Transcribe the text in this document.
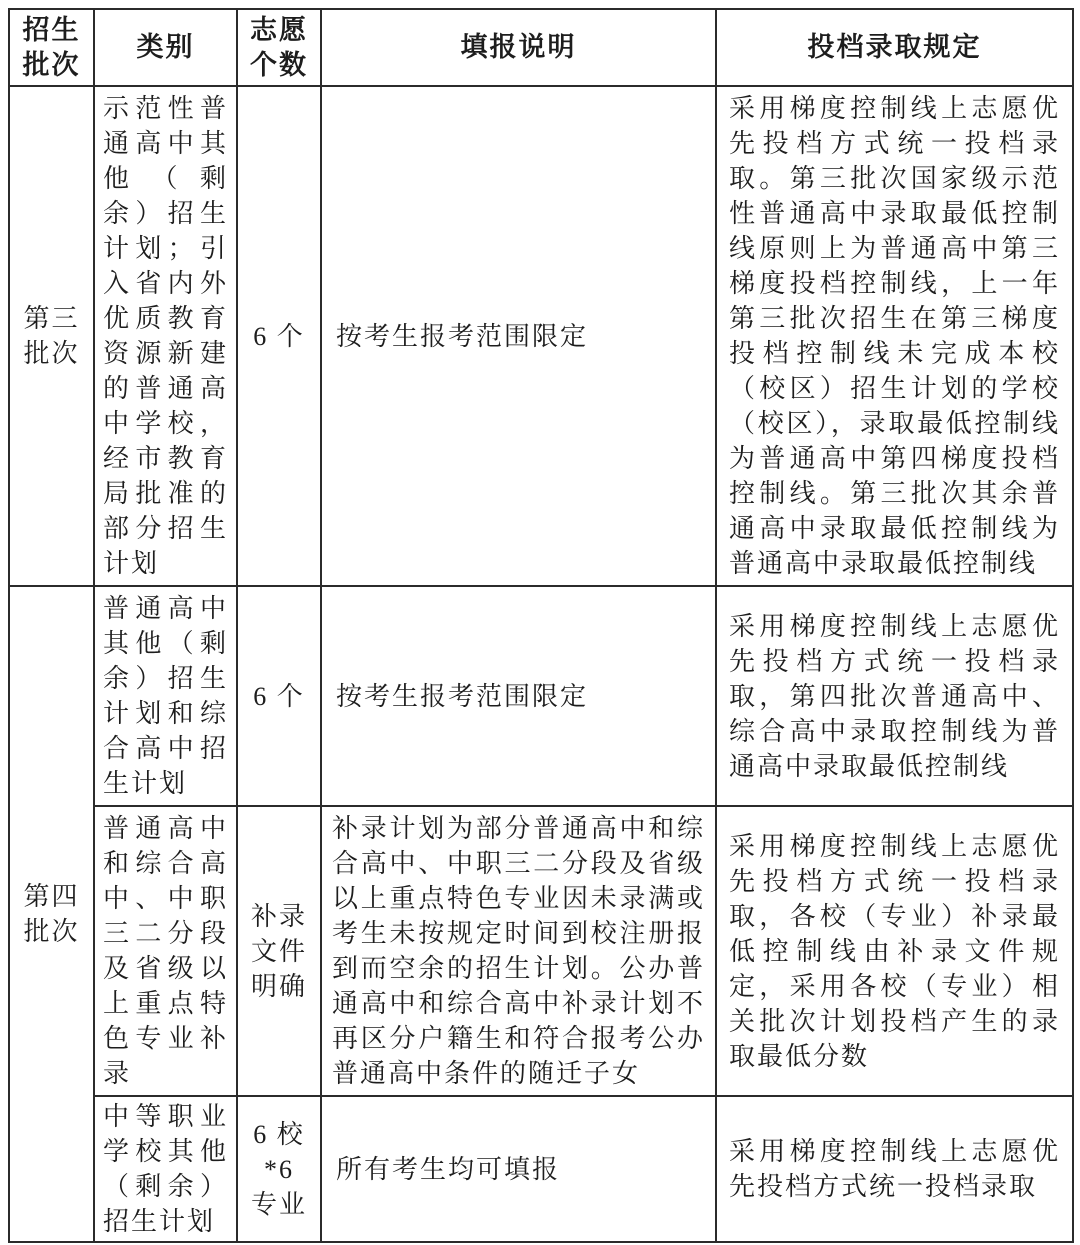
招生批次	类别	志愿个数	填报说明	投档录取规定
第三批次	示范性普通高中其他（剩余）招生计划；引入省内外优质教育资源新建的普通高中学校，经市教育局批准的部分招生计划	6 个	按考生报考范围限定	采用梯度控制线上志愿优先投档方式统一投档录取。第三批次国家级示范性普通高中录取最低控制线原则上为普通高中第三梯度投档控制线，上一年第三批次招生在第三梯度投档控制线未完成本校（校区）招生计划的学校（校区），录取最低控制线为普通高中第四梯度投档控制线。第三批次其余普通高中录取最低控制线为普通高中录取最低控制线
第四批次	普通高中其他（剩余）招生计划和综合高中招生计划	6 个	按考生报考范围限定	采用梯度控制线上志愿优先投档方式统一投档录取，第四批次普通高中、综合高中录取控制线为普通高中录取最低控制线
	普通高中和综合高中、中职三二分段及省级以上重点特色专业补录	补录文件明确	补录计划为部分普通高中和综合高中、中职三二分段及省级以上重点特色专业因未录满或考生未按规定时间到校注册报到而空余的招生计划。公办普通高中和综合高中补录计划不再区分户籍生和符合报考公办普通高中条件的随迁子女	采用梯度控制线上志愿优先投档方式统一投档录取，各校（专业）补录最低控制线由补录文件规定，采用各校（专业）相关批次计划投档产生的录取最低分数
	中等职业学校其他（剩余）招生计划	6 校*6 专业	所有考生均可填报	采用梯度控制线上志愿优先投档方式统一投档录取
